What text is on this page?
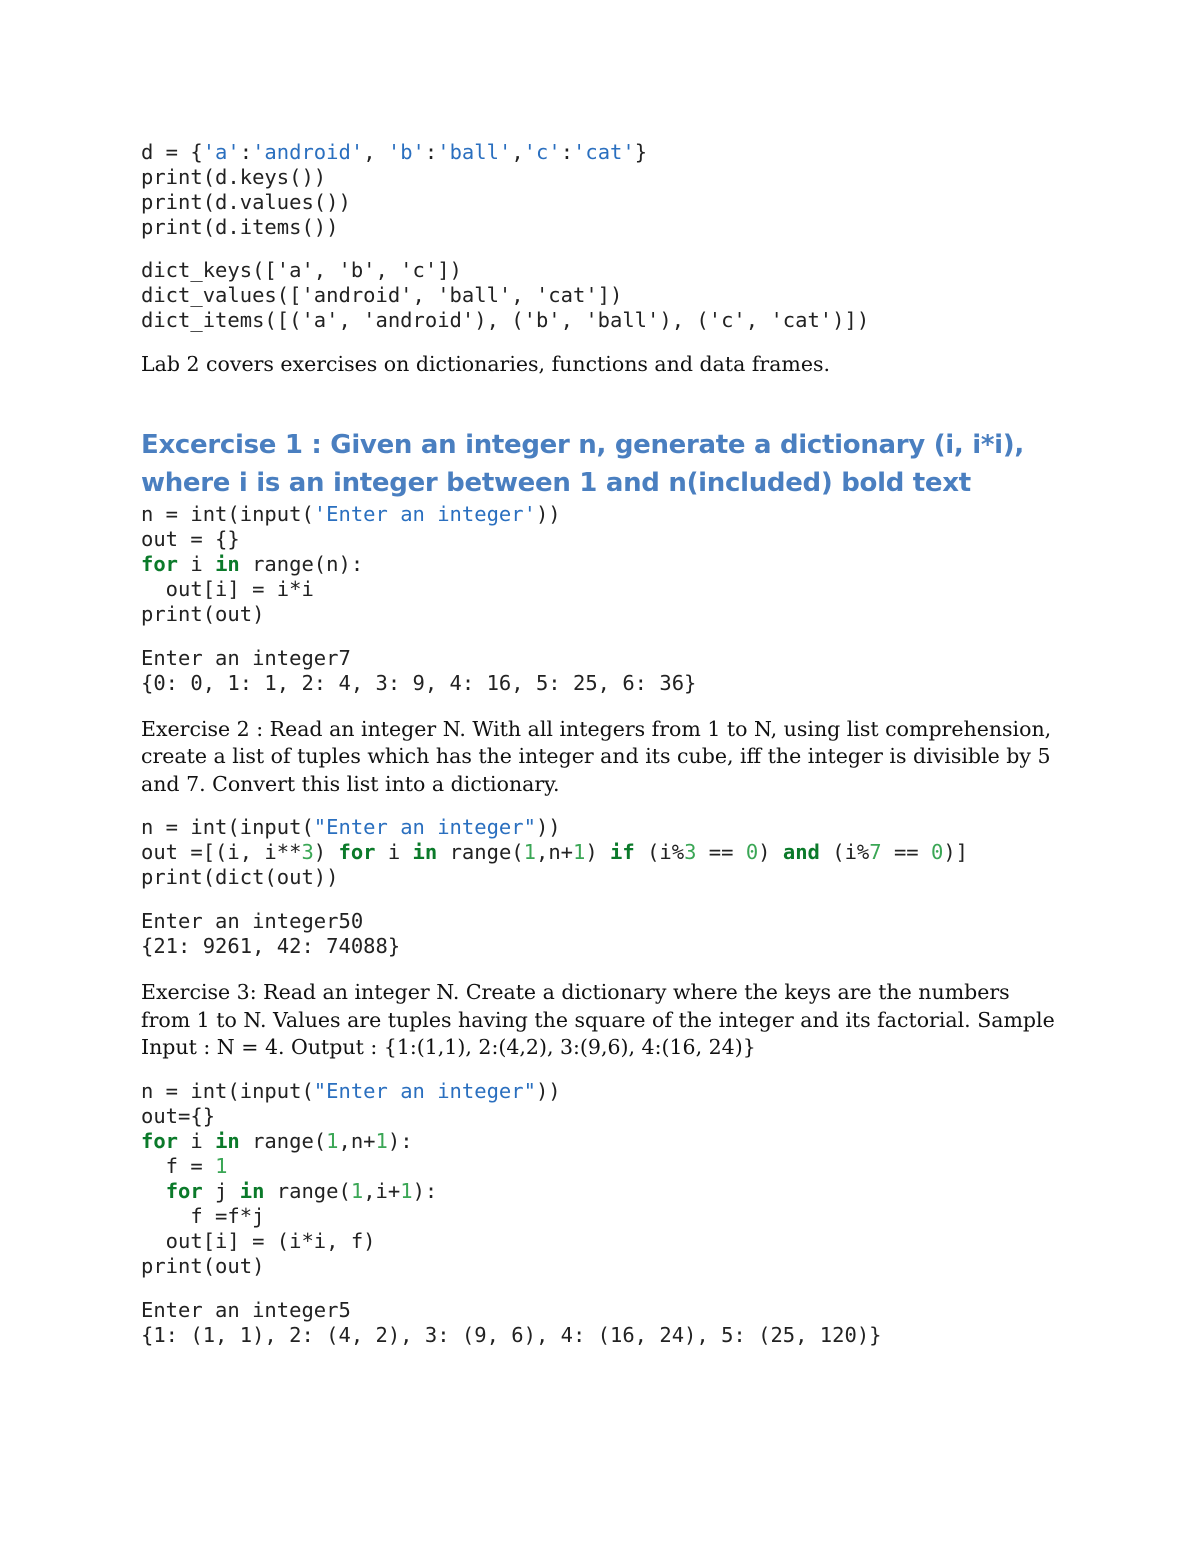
d = {'a':'android', 'b':'ball','c':'cat'}
print(d.keys())
print(d.values())
print(d.items())
dict_keys(['a', 'b', 'c'])
dict_values(['android', 'ball', 'cat'])
dict_items([('a', 'android'), ('b', 'ball'), ('c', 'cat')])

Lab 2 covers exercises on dictionaries, functions and data frames.

Excercise 1 : Given an integer n, generate a dictionary (i, i*i), where i is an integer between 1 and n(included) bold text
n = int(input('Enter an integer'))
out = {}
for i in range(n):
out[i] = i*i
print(out)
Enter an integer7
{0: 0, 1: 1, 2: 4, 3: 9, 4: 16, 5: 25, 6: 36}

Exercise 2 : Read an integer N. With all integers from 1 to N, using list comprehension, create a list of tuples which has the integer and its cube, iff the integer is divisible by 5 and 7. Convert this list into a dictionary.

n = int(input("Enter an integer"))
out =[(i, i**3) for i in range(1,n+1) if (i%3 == 0) and (i%7 == 0)]
print(dict(out))
Enter an integer50
{21: 9261, 42: 74088}

Exercise 3: Read an integer N. Create a dictionary where the keys are the numbers from 1 to N. Values are tuples having the square of the integer and its factorial. Sample Input : N = 4. Output : {1:(1,1), 2:(4,2), 3:(9,6), 4:(16, 24)}

n = int(input("Enter an integer"))
out={}
for i in range(1,n+1):
f = 1
for j in range(1,i+1):
f =f*j
out[i] = (i*i, f)
print(out)
Enter an integer5
{1: (1, 1), 2: (4, 2), 3: (9, 6), 4: (16, 24), 5: (25, 120)}
